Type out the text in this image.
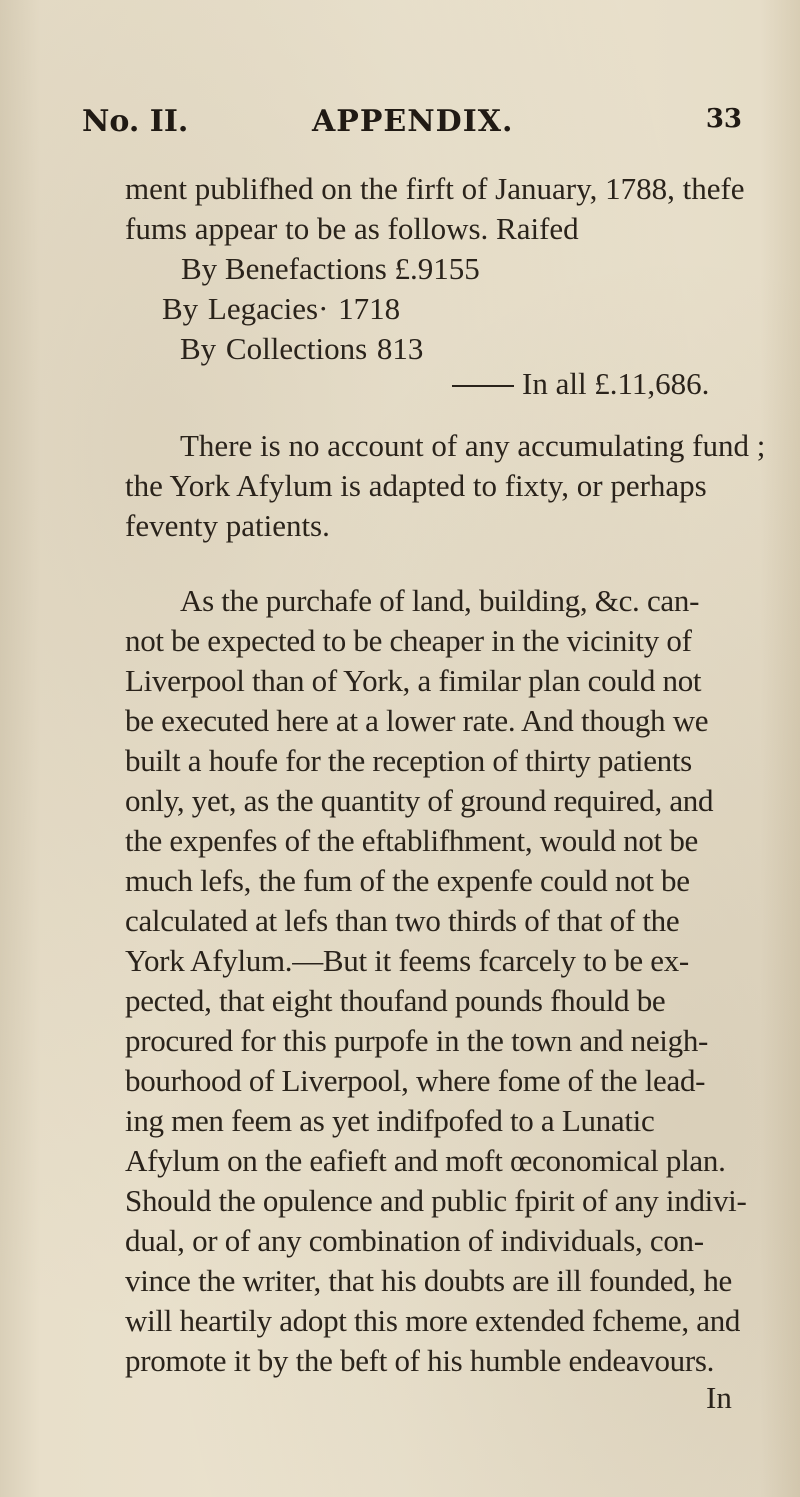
No. II.	APPENDIX.	33
ment publifhed on the firft of January, 1788, thefe
fums appear to be as follows. Raifed
By Benefactions £.9155
By Legacies· 1718
By Collections 813
In all £.11,686.
There is no account of any accumulating fund ;
the York Afylum is adapted to fixty, or perhaps
feventy patients.
As the purchafe of land, building, &c. can-
not be expected to be cheaper in the vicinity of
Liverpool than of York, a fimilar plan could not
be executed here at a lower rate. And though we
built a houfe for the reception of thirty patients
only, yet, as the quantity of ground required, and
the expenfes of the eftablifhment, would not be
much lefs, the fum of the expenfe could not be
calculated at lefs than two thirds of that of the
York Afylum.—But it feems fcarcely to be ex-
pected, that eight thoufand pounds fhould be
procured for this purpofe in the town and neigh-
bourhood of Liverpool, where fome of the lead-
ing men feem as yet indifpofed to a Lunatic
Afylum on the eafieft and moft œconomical plan.
Should the opulence and public fpirit of any indivi-
dual, or of any combination of individuals, con-
vince the writer, that his doubts are ill founded, he
will heartily adopt this more extended fcheme, and
promote it by the beft of his humble endeavours.
In
